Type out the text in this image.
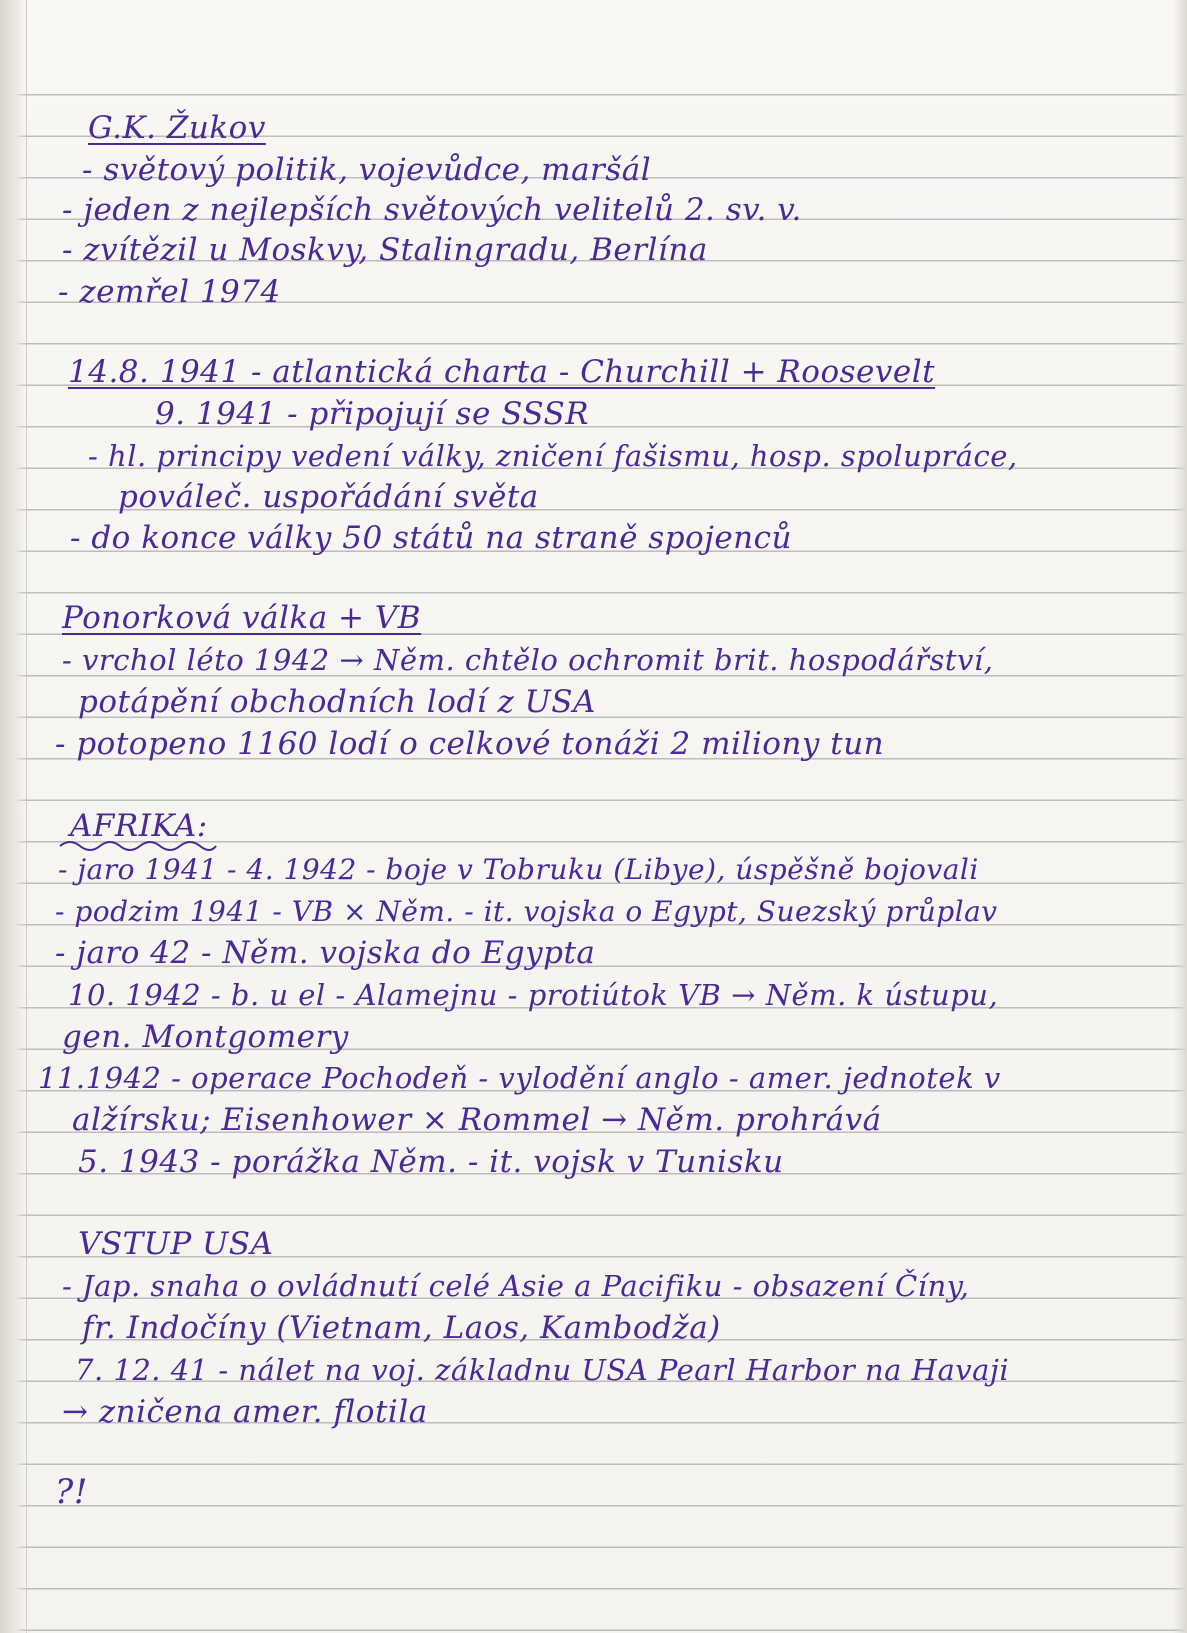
G.K. Žukov
- světový politik, vojevůdce, maršál
- jeden z nejlepších světových velitelů 2. sv. v.
- zvítězil u Moskvy, Stalingradu, Berlína
- zemřel 1974
14.8. 1941 - atlantická charta - Churchill + Roosevelt
9. 1941 - připojují se SSSR
- hl. principy vedení války, zničení fašismu, hosp. spolupráce,
pováleč. uspořádání světa
- do konce války 50 států na straně spojenců
Ponorková válka + VB
- vrchol léto 1942 → Něm. chtělo ochromit brit. hospodářství,
potápění obchodních lodí z USA
- potopeno 1160 lodí o celkové tonáži 2 miliony tun
AFRIKA:
- jaro 1941 - 4. 1942 - boje v Tobruku (Libye), úspěšně bojovali
- podzim 1941 - VB × Něm. - it. vojska o Egypt, Suezský průplav
- jaro 42 - Něm. vojska do Egypta
10. 1942 - b. u el - Alamejnu - protiútok VB → Něm. k ústupu,
gen. Montgomery
11.1942 - operace Pochodeň - vylodění anglo - amer. jednotek v
alžírsku; Eisenhower × Rommel → Něm. prohrává
5. 1943 - porážka Něm. - it. vojsk v Tunisku
VSTUP USA
- Jap. snaha o ovládnutí celé Asie a Pacifiku - obsazení Číny,
fr. Indočíny (Vietnam, Laos, Kambodža)
7. 12. 41 - nálet na voj. základnu USA Pearl Harbor na Havaji
→ zničena amer. flotila
?!
